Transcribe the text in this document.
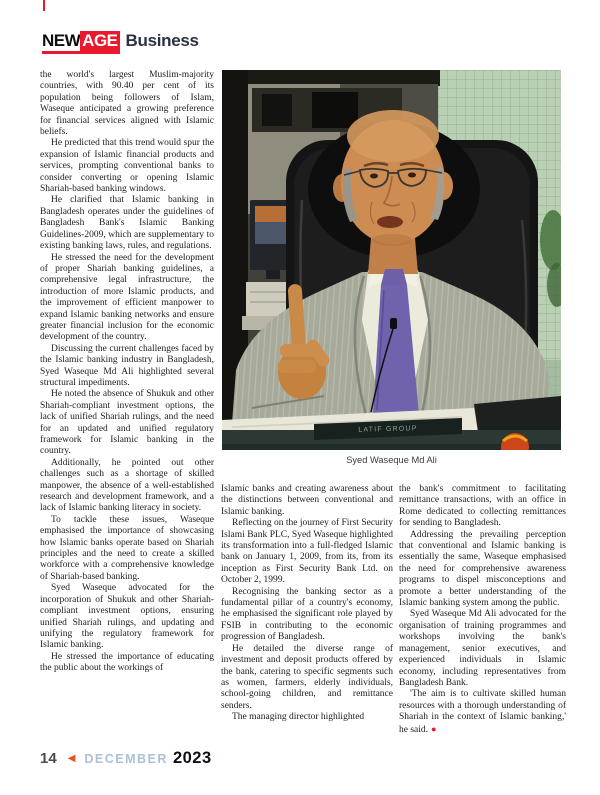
NEW AGE Business

the world's largest Muslim-majority countries, with 90.40 per cent of its population being followers of Islam, Waseque anticipated a growing preference for financial services aligned with Islamic beliefs.

He predicted that this trend would spur the expansion of Islamic financial products and services, prompting conventional banks to consider converting or opening Islamic Shariah-based banking windows.

He clarified that Islamic banking in Bangladesh operates under the guidelines of Bangladesh Bank's Islamic Banking Guidelines-2009, which are supplementary to existing banking laws, rules, and regulations.

He stressed the need for the development of proper Shariah banking guidelines, a comprehensive legal infrastructure, the introduction of more Islamic products, and the improvement of efficient manpower to expand Islamic banking networks and ensure greater financial inclusion for the economic development of the country.

Discussing the current challenges faced by the Islamic banking industry in Bangladesh, Syed Waseque Md Ali highlighted several structural impediments.

He noted the absence of Shukuk and other Shariah-compliant investment options, the lack of unified Shariah rulings, and the need for an updated and unified regulatory framework for Islamic banking in the country.

Additionally, he pointed out other challenges such as a shortage of skilled manpower, the absence of a well-established research and development framework, and a lack of Islamic banking literacy in society.

To tackle these issues, Waseque emphasised the importance of showcasing how Islamic banks operate based on Shariah principles and the need to create a skilled workforce with a comprehensive knowledge of Shariah-based banking.

Syed Waseque advocated for the incorporation of Shukuk and other Shariah-compliant investment options, ensuring unified Shariah rulings, and updating and unifying the regulatory framework for Islamic banking.

He stressed the importance of educating the public about the workings of

LATIF GROUP
Syed Waseque Md Ali

Islamic banks and creating awareness about the distinctions between conventional and Islamic banking.

Reflecting on the journey of First Security Islami Bank PLC, Syed Waseque highlighted its transformation into a full-fledged Islamic bank on January 1, 2009, from its, from its inception as First Security Bank Ltd. on October 2, 1999.

Recognising the banking sector as a fundamental pillar of a country's economy, he emphasised the significant role played by FSIB in contributing to the economic progression of Bangladesh.

He detailed the diverse range of investment and deposit products offered by the bank, catering to specific segments such as women, farmers, elderly individuals, school-going children, and remittance senders.

The managing director highlighted

the bank's commitment to facilitating remittance transactions, with an office in Rome dedicated to collecting remittances for sending to Bangladesh.

Addressing the prevailing perception that conventional and Islamic banking is essentially the same, Waseque emphasised the need for comprehensive awareness programs to dispel misconceptions and promote a better understanding of the Islamic banking system among the public.

Syed Waseque Md Ali advocated for the organisation of training programmes and workshops involving the bank's management, senior executives, and experienced individuals in Islamic economy, including representatives from Bangladesh Bank.

'The aim is to cultivate skilled human resources with a thorough understanding of Shariah in the context of Islamic banking,' he said. ●

14 ◀ DECEMBER 2023
